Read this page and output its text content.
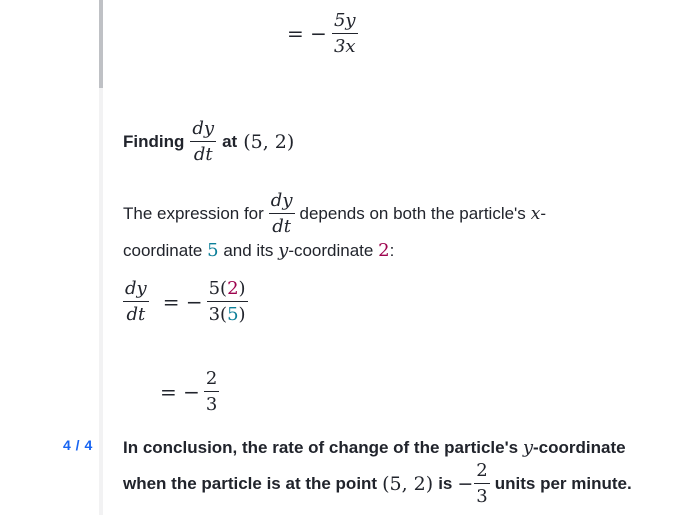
4 / 4
= − $\frac{5y}{3x}$
Finding $\frac{dy}{dt}$ at (5, 2)
The expression for $\frac{dy}{dt}$ depends on both the particle's x-
coordinate 5 and its y-coordinate 2:
$\frac{dy}{dt}$ = − $\frac{5(2)}{3(5)}$
= − $\frac{2}{3}$
In conclusion, the rate of change of the particle's y-coordinate
when the particle is at the point (5, 2) is − $\frac{2}{3}$ units per minute.
